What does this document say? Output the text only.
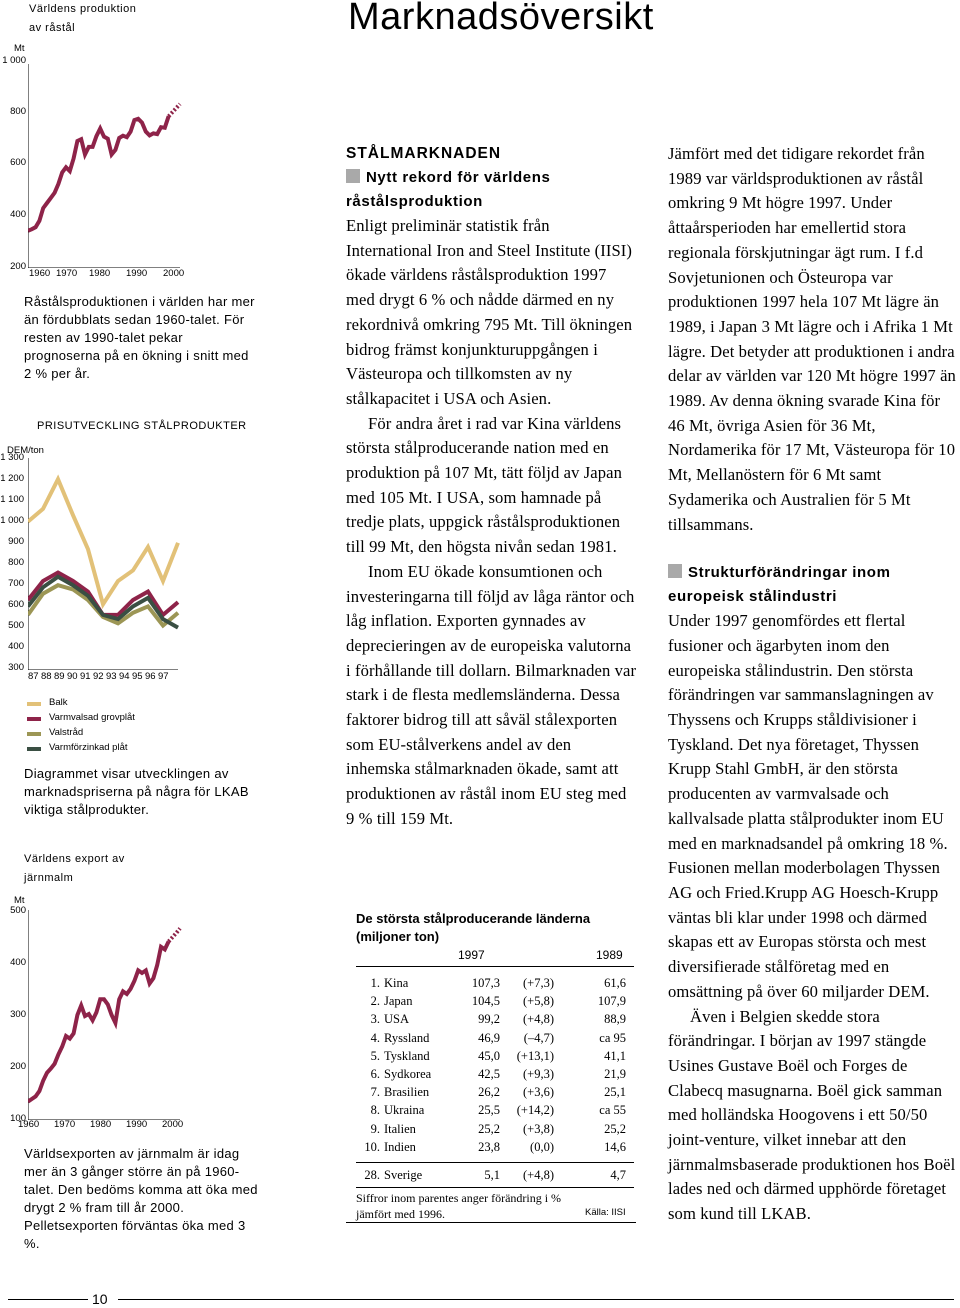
Världens produktion
av råstål
Mt
1 000
800
600
400
200
1960 1970 1980 1990 2000
Råstålsproduktionen i världen har mer än fördubblats sedan 1960-talet. För resten av 1990-talet pekar prognoserna på en ökning i snitt med 2 % per år.
PRISUTVECKLING STÅLPRODUKTER
DEM/ton
1 300
1 200
1 100
1 000
900
800
700
600
500
400
300
87 88 89 90 91 92 93 94 95 96 97
Balk
Varmvalsad grovplåt
Valstråd
Varmförzinkad plåt
Diagrammet visar utvecklingen av marknadspriserna på några för LKAB viktiga stålprodukter.
Världens export av
järnmalm
Mt
500
400
300
200
100
1960 1970 1980 1990 2000
Världsexporten av järnmalm är idag mer än 3 gånger större än på 1960-talet. Den bedöms komma att öka med drygt 2 % fram till år 2000. Pelletsexporten förväntas öka med 3 %.
Marknadsöversikt
STÅLMARKNADEN
Nytt rekord för världens råstålsproduktion

Enligt preliminär statistik från International Iron and Steel Institute (IISI) ökade världens råstålsproduktion 1997 med drygt 6 % och nådde därmed en ny rekordnivå omkring 795 Mt. Till ökningen bidrog främst konjunkturuppgången i Västeuropa och tillkomsten av ny stålkapacitet i USA och Asien.

För andra året i rad var Kina världens största stålproducerande nation med en produktion på 107 Mt, tätt följd av Japan med 105 Mt. I USA, som hamnade på tredje plats, uppgick råstålsproduktionen till 99 Mt, den högsta nivån sedan 1981.

Inom EU ökade konsumtionen och investeringarna till följd av låga räntor och låg inflation. Exporten gynnades av deprecieringen av de europeiska valutorna i förhållande till dollarn. Bilmarknaden var stark i de flesta medlemsländerna. Dessa faktorer bidrog till att såväl stålexporten som EU-stålverkens andel av den inhemska stålmarknaden ökade, samt att produktionen av råstål inom EU steg med 9 % till 159 Mt.

De största stålproducerande länderna (miljoner ton)
1997	1989
1. Kina	107,3	(+7,3)	61,6
2. Japan	104,5	(+5,8)	107,9
3. USA	99,2	(+4,8)	88,9
4. Ryssland	46,9	(–4,7)	ca 95
5. Tyskland	45,0	(+13,1)	41,1
6. Sydkorea	42,5	(+9,3)	21,9
7. Brasilien	26,2	(+3,6)	25,1
8. Ukraina	25,5	(+14,2)	ca 55
9. Italien	25,2	(+3,8)	25,2
10. Indien	23,8	(0,0)	14,6
28. Sverige	5,1	(+4,8)	4,7
Siffror inom parentes anger förändring i % jämfört med 1996.	Källa: IISI

Jämfört med det tidigare rekordet från 1989 var världsproduktionen av råstål omkring 9 Mt högre 1997. Under åttaårsperioden har emellertid stora regionala förskjutningar ägt rum. I f.d Sovjetunionen och Östeuropa var produktionen 1997 hela 107 Mt lägre än 1989, i Japan 3 Mt lägre och i Afrika 1 Mt lägre. Det betyder att produktionen i andra delar av världen var 120 Mt högre 1997 än 1989. Av denna ökning svarade Kina för 46 Mt, övriga Asien för 36 Mt, Nordamerika för 17 Mt, Västeuropa för 10 Mt, Mellanöstern för 6 Mt samt Sydamerika och Australien för 5 Mt tillsammans.

Strukturförändringar inom europeisk stålindustri

Under 1997 genomfördes ett flertal fusioner och ägarbyten inom den europeiska stålindustrin. Den största förändringen var sammanslagningen av Thyssens och Krupps ståldivisioner i Tyskland. Det nya företaget, Thyssen Krupp Stahl GmbH, är den största producenten av varmvalsade och kallvalsade platta stålprodukter inom EU med en marknadsandel på omkring 18 %. Fusionen mellan moderbolagen Thyssen AG och Fried.Krupp AG Hoesch-Krupp väntas bli klar under 1998 och därmed skapas ett av Europas största och mest diversifierade stålföretag med en omsättning på över 60 miljarder DEM.

Även i Belgien skedde stora förändringar. I början av 1997 stängde Usines Gustave Boël och Forges de Clabecq masugnarna. Boël gick samman med holländska Hoogovens i ett 50/50 joint-venture, vilket innebar att den järnmalmsbaserade produktionen hos Boël lades ned och därmed upphörde företaget som kund till LKAB.

10
